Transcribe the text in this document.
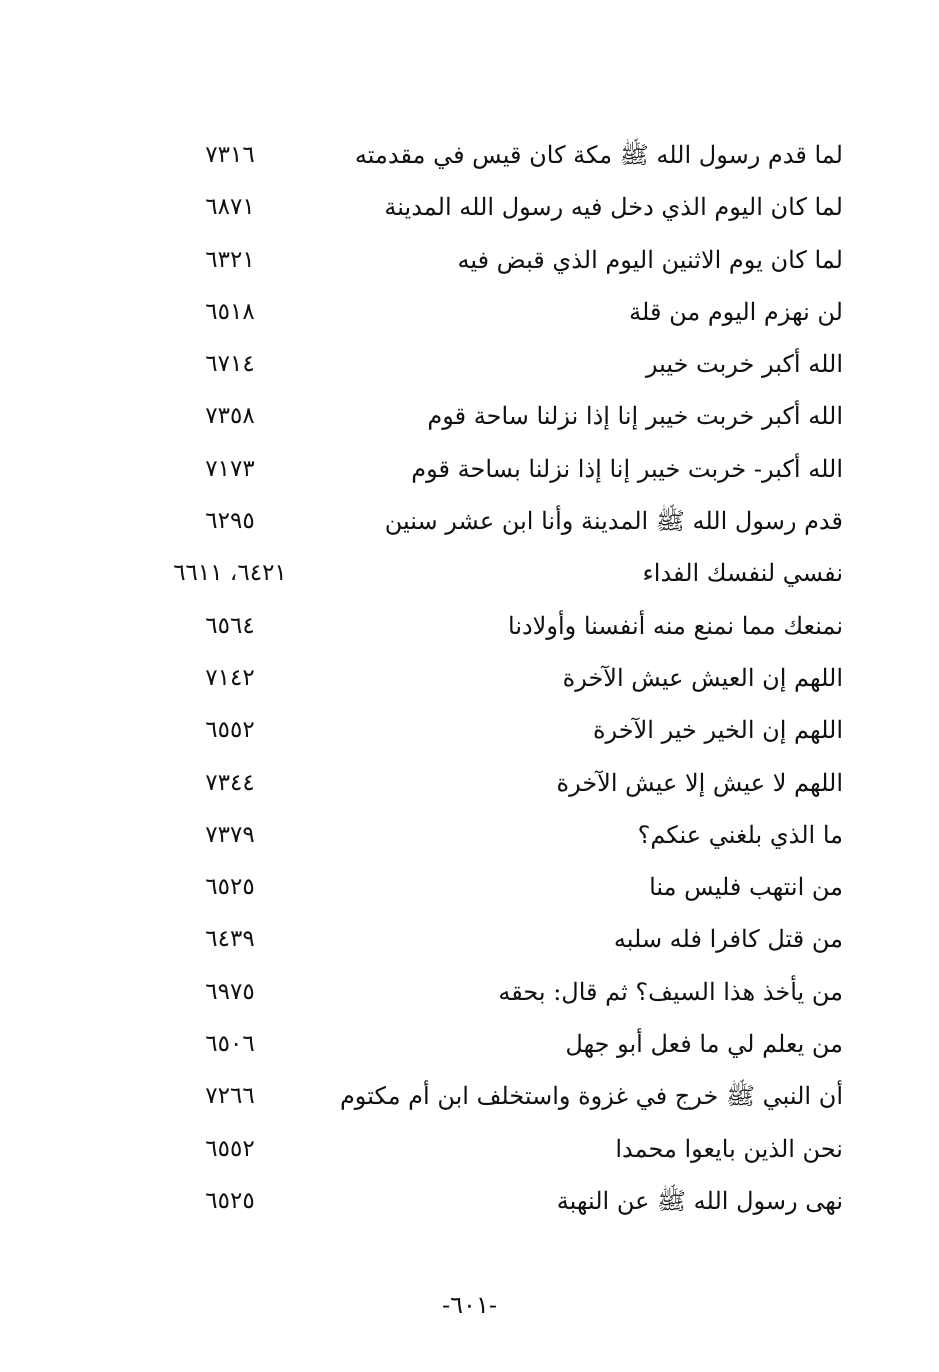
لما قدم رسول الله ﷺ مكة كان قيس في مقدمته
٧٣١٦
لما كان اليوم الذي دخل فيه رسول الله المدينة
٦٨٧١
لما كان يوم الاثنين اليوم الذي قبض فيه
٦٣٢١
لن نهزم اليوم من قلة
٦٥١٨
الله أكبر خربت خيبر
٦٧١٤
الله أكبر خربت خيبر إنا إذا نزلنا ساحة قوم
٧٣٥٨
الله أكبر- خربت خيبر إنا إذا نزلنا بساحة قوم
٧١٧٣
قدم رسول الله ﷺ المدينة وأنا ابن عشر سنين
٦٢٩٥
نفسي لنفسك الفداء
٦٤٢١، ٦٦١١
نمنعك مما نمنع منه أنفسنا وأولادنا
٦٥٦٤
اللهم إن العيش عيش الآخرة
٧١٤٢
اللهم إن الخير خير الآخرة
٦٥٥٢
اللهم لا عيش إلا عيش الآخرة
٧٣٤٤
ما الذي بلغني عنكم؟
٧٣٧٩
من انتهب فليس منا
٦٥٢٥
من قتل كافرا فله سلبه
٦٤٣٩
من يأخذ هذا السيف؟ ثم قال: بحقه
٦٩٧٥
من يعلم لي ما فعل أبو جهل
٦٥٠٦
أن النبي ﷺ خرج في غزوة واستخلف ابن أم مكتوم
٧٢٦٦
نحن الذين بايعوا محمدا
٦٥٥٢
نهى رسول الله ﷺ عن النهبة
٦٥٢٥
-٦٠١-
